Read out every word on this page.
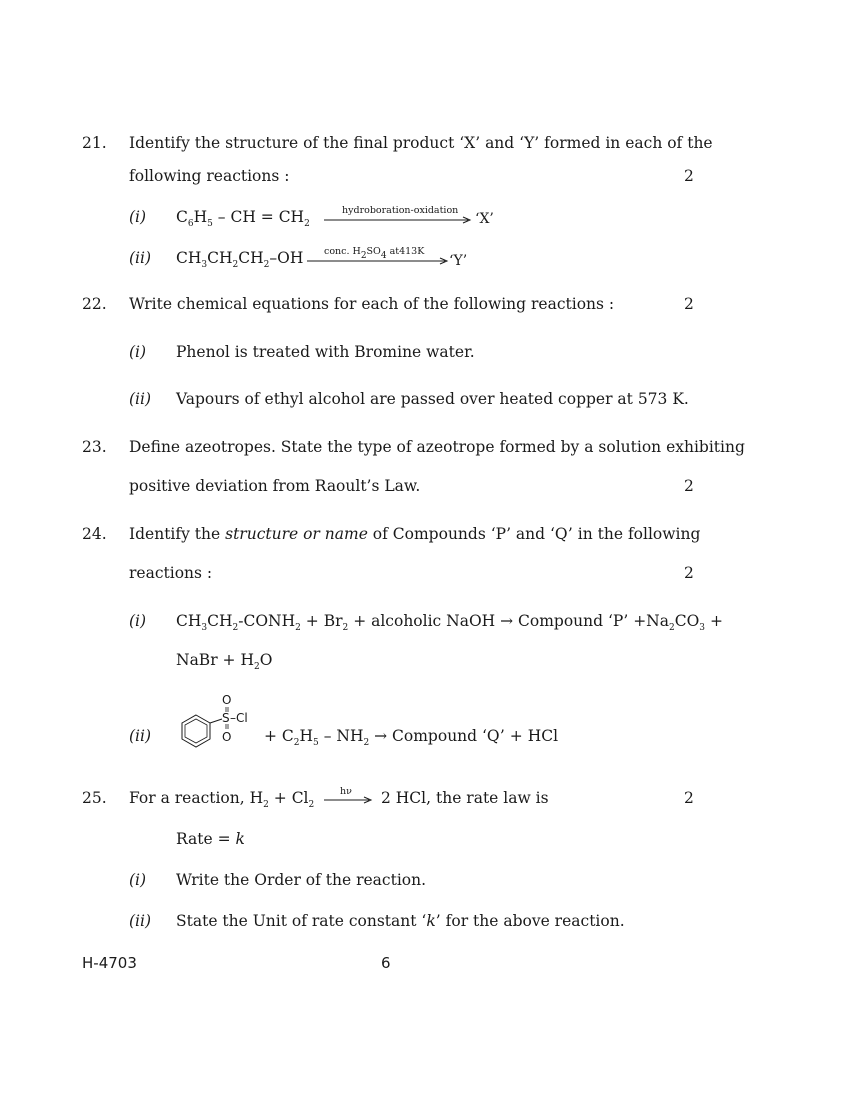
21. Identify the structure of the final product ‘X’ and ‘Y’ formed in each of the
following reactions :	2
(i) $C_6H_5$ – CH = $CH_2$
hydroboration-oxidation
‘X’
(ii) $CH_3CH_2CH_2-OH$ conc. $H_2SO_4$ at413K
‘Y’
22. Write chemical equations for each of the following reactions :	2
(i) Phenol is treated with Bromine water.
(ii) Vapours of ethyl alcohol are passed over heated copper at 573 K.
23. Define azeotropes. State the type of azeotrope formed by a solution exhibiting
positive deviation from Raoult’s Law.	2
24. Identify the structure or name of Compounds ‘P’ and ‘Q’ in the following
reactions :	2
(i) $CH_3CH_2-CONH_2 + Br_2$ + alcoholic NaOH → Compound ‘P’ $+Na_2CO_3$ +
NaBr + $H_2O$
(ii)
O
S –Cl
$O + C_2H_5 - NH_2$ → Compound ‘Q’ + HCl
25. For a reaction, $H_2 + Cl_2$
hν 2 HCl, the rate law is	2
Rate = k
(i) Write the Order of the reaction.
(ii) State the Unit of rate constant ‘k’ for the above reaction.
H-4703	6
